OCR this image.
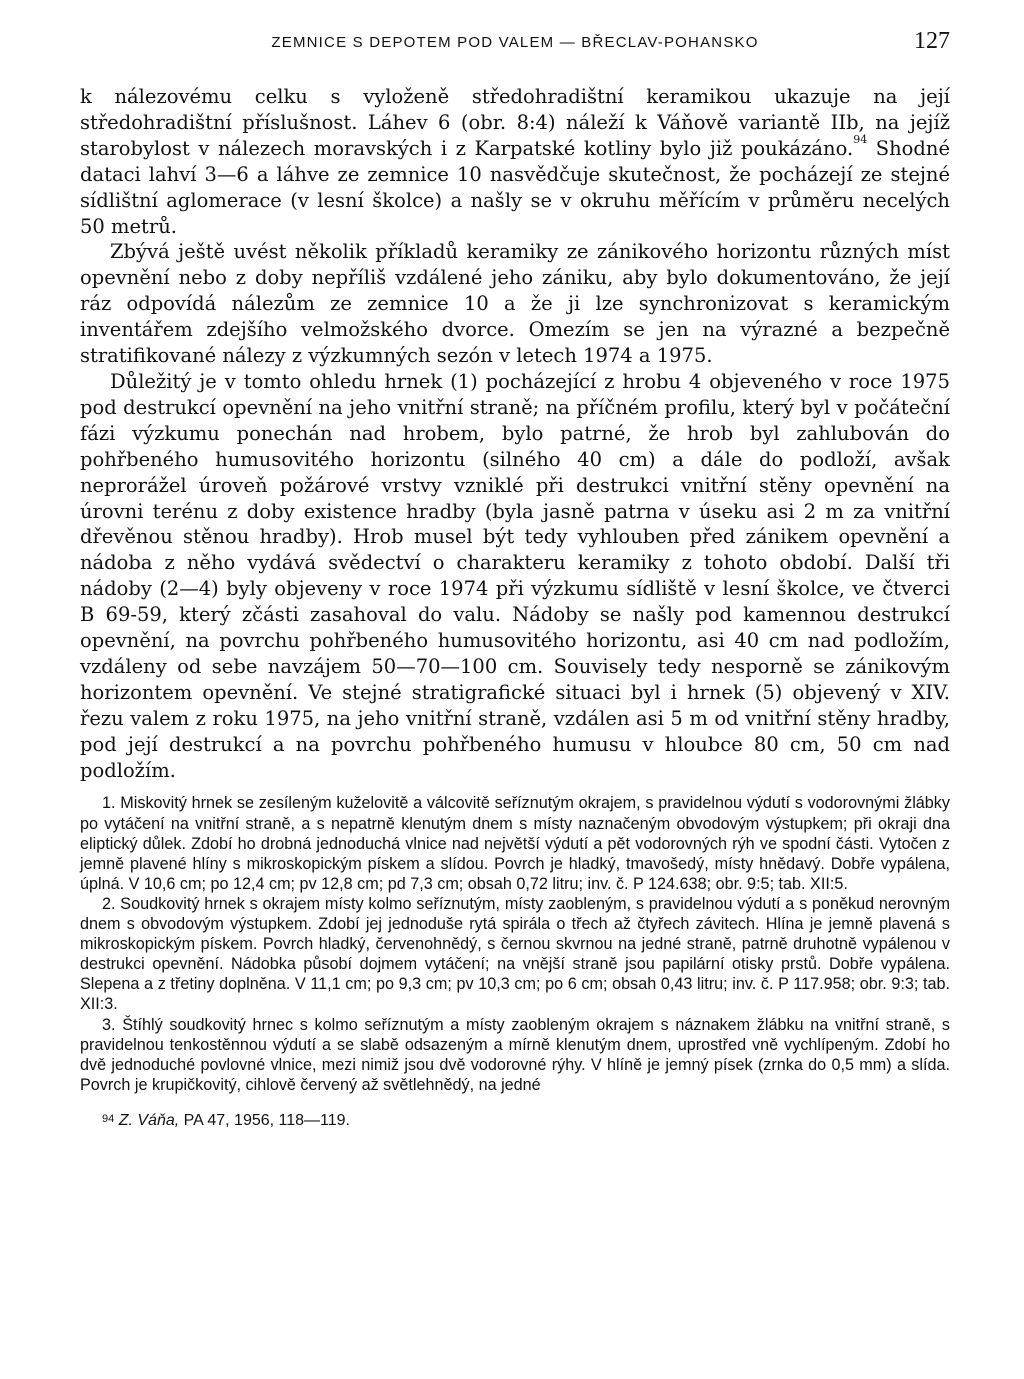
ZEMNICE S DEPOTEM POD VALEM — BŘECLAV-POHANSKO	127

k nálezovému celku s vyloženě středohradištní keramikou ukazuje na její středohradištní příslušnost. Láhev 6 (obr. 8:4) náleží k Váňově variantě IIb, na jejíž starobylost v nálezech moravských i z Karpatské kotliny bylo již poukázáno.$^{94}$ Shodné dataci lahví 3—6 a láhve ze zemnice 10 nasvědčuje skutečnost, že pocházejí ze stejné sídlištní aglomerace (v lesní školce) a našly se v okruhu měřícím v průměru necelých 50 metrů.

Zbývá ještě uvést několik příkladů keramiky ze zánikového horizontu různých míst opevnění nebo z doby nepříliš vzdálené jeho zániku, aby bylo dokumentováno, že její ráz odpovídá nálezům ze zemnice 10 a že ji lze synchronizovat s keramickým inventářem zdejšího velmožského dvorce. Omezím se jen na výrazné a bezpečně stratifikované nálezy z výzkumných sezón v letech 1974 a 1975.

Důležitý je v tomto ohledu hrnek (1) pocházející z hrobu 4 objeveného v roce 1975 pod destrukcí opevnění na jeho vnitřní straně; na příčném profilu, který byl v počáteční fázi výzkumu ponechán nad hrobem, bylo patrné, že hrob byl zahlubován do pohřbeného humusovitého horizontu (silného 40 cm) a dále do podloží, avšak neprorážel úroveň požárové vrstvy vzniklé při destrukci vnitřní stěny opevnění na úrovni terénu z doby existence hradby (byla jasně patrna v úseku asi 2 m za vnitřní dřevěnou stěnou hradby). Hrob musel být tedy vyhlouben před zánikem opevnění a nádoba z něho vydává svědectví o charakteru keramiky z tohoto období. Další tři nádoby (2—4) byly objeveny v roce 1974 při výzkumu sídliště v lesní školce, ve čtverci B 69-59, který zčásti zasahoval do valu. Nádoby se našly pod kamennou destrukcí opevnění, na povrchu pohřbeného humusovitého horizontu, asi 40 cm nad podložím, vzdáleny od sebe navzájem 50—70—100 cm. Souvisely tedy nesporně se zánikovým horizontem opevnění. Ve stejné stratigrafické situaci byl i hrnek (5) objevený v XIV. řezu valem z roku 1975, na jeho vnitřní straně, vzdálen asi 5 m od vnitřní stěny hradby, pod její destrukcí a na povrchu pohřbeného humusu v hloubce 80 cm, 50 cm nad podložím.

1. Miskovitý hrnek se zesíleným kuželovitě a válcovitě seříznutým okrajem, s pravidelnou výdutí s vodorovnými žlábky po vytáčení na vnitřní straně, a s nepatrně klenutým dnem s místy naznačeným obvodovým výstupkem; při okraji dna eliptický důlek. Zdobí ho drobná jednoduchá vlnice nad největší výdutí a pět vodorovných rýh ve spodní části. Vytočen z jemně plavené hlíny s mikroskopickým pískem a slídou. Povrch je hladký, tmavošedý, místy hnědavý. Dobře vypálena, úplná. V 10,6 cm; po 12,4 cm; pv 12,8 cm; pd 7,3 cm; obsah 0,72 litru; inv. č. P 124.638; obr. 9:5; tab. XII:5.

2. Soudkovitý hrnek s okrajem místy kolmo seříznutým, místy zaobleným, s pravidelnou výdutí a s poněkud nerovným dnem s obvodovým výstupkem. Zdobí jej jednoduše rytá spirála o třech až čtyřech závitech. Hlína je jemně plavená s mikroskopickým pískem. Povrch hladký, červenohnědý, s černou skvrnou na jedné straně, patrně druhotně vypálenou v destrukci opevnění. Nádobka působí dojmem vytáčení; na vnější straně jsou papilární otisky prstů. Dobře vypálena. Slepena a z třetiny doplněna. V 11,1 cm; po 9,3 cm; pv 10,3 cm; po 6 cm; obsah 0,43 litru; inv. č. P 117.958; obr. 9:3; tab. XII:3.

3. Štíhlý soudkovitý hrnec s kolmo seříznutým a místy zaobleným okrajem s náznakem žlábku na vnitřní straně, s pravidelnou tenkostěnnou výdutí a se slabě odsazeným a mírně klenutým dnem, uprostřed vně vychlípeným. Zdobí ho dvě jednoduché povlovné vlnice, mezi nimiž jsou dvě vodorovné rýhy. V hlíně je jemný písek (zrnka do 0,5 mm) a slída. Povrch je krupičkovitý, cihlově červený až světlehnědý, na jedné

$^{94}$ Z. Váňa, PA 47, 1956, 118—119.
